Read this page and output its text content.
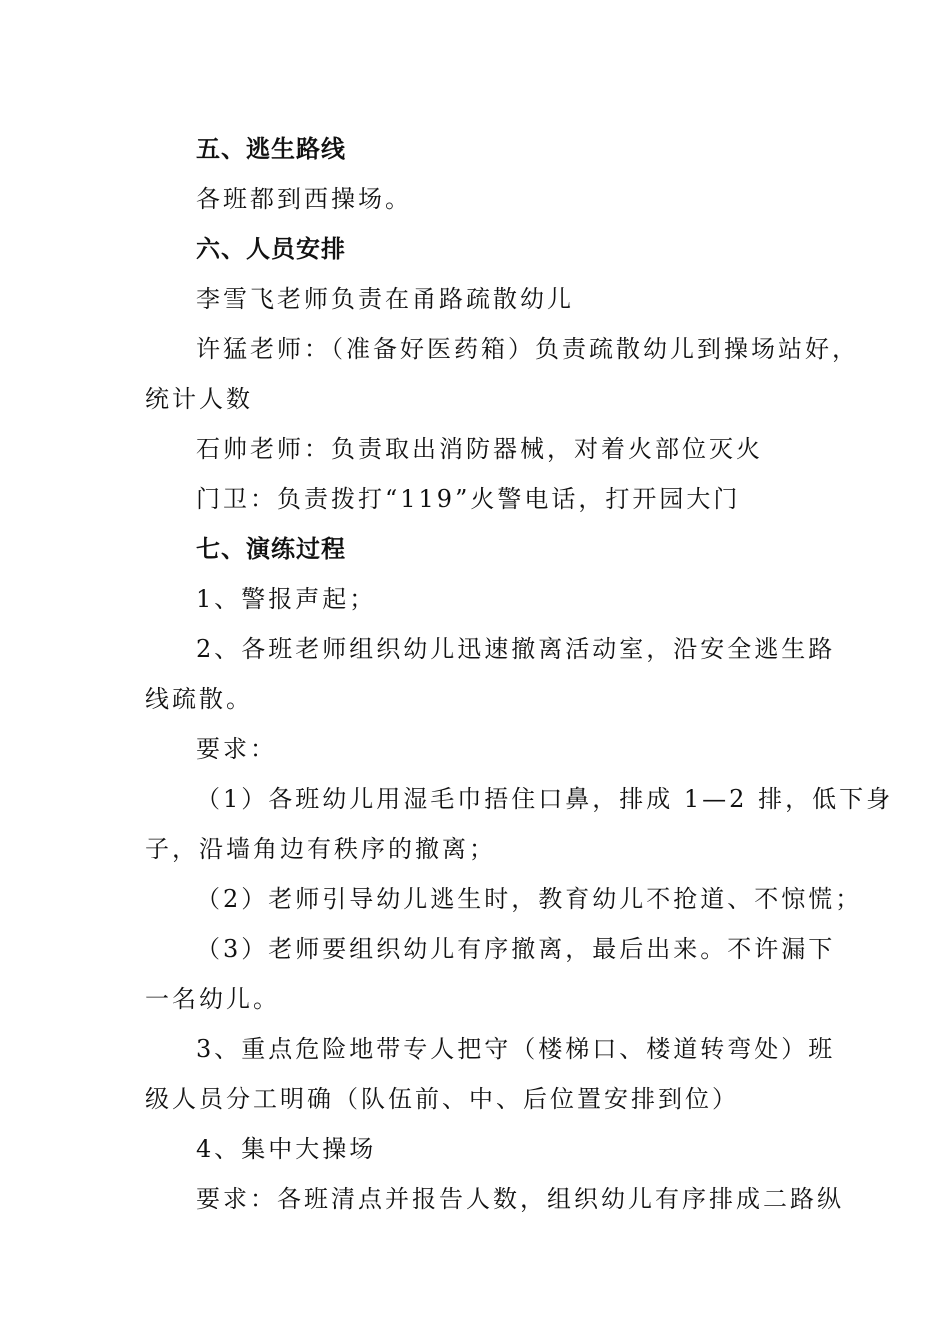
五、逃生路线
各班都到西操场。
六、人员安排
李雪飞老师负责在甬路疏散幼儿
许猛老师：（准备好医药箱）负责疏散幼儿到操场站好，
统计人数
石帅老师：负责取出消防器械，对着火部位灭火
门卫：负责拨打“119”火警电话，打开园大门
七、演练过程
1、警报声起；
2、各班老师组织幼儿迅速撤离活动室，沿安全逃生路
线疏散。
要求：
（1）各班幼儿用湿毛巾捂住口鼻，排成 1—2 排，低下身
子，沿墙角边有秩序的撤离；
（2）老师引导幼儿逃生时，教育幼儿不抢道、不惊慌；
（3）老师要组织幼儿有序撤离，最后出来。不许漏下
一名幼儿。
3、重点危险地带专人把守（楼梯口、楼道转弯处）班
级人员分工明确（队伍前、中、后位置安排到位）
4、集中大操场
要求：各班清点并报告人数，组织幼儿有序排成二路纵
